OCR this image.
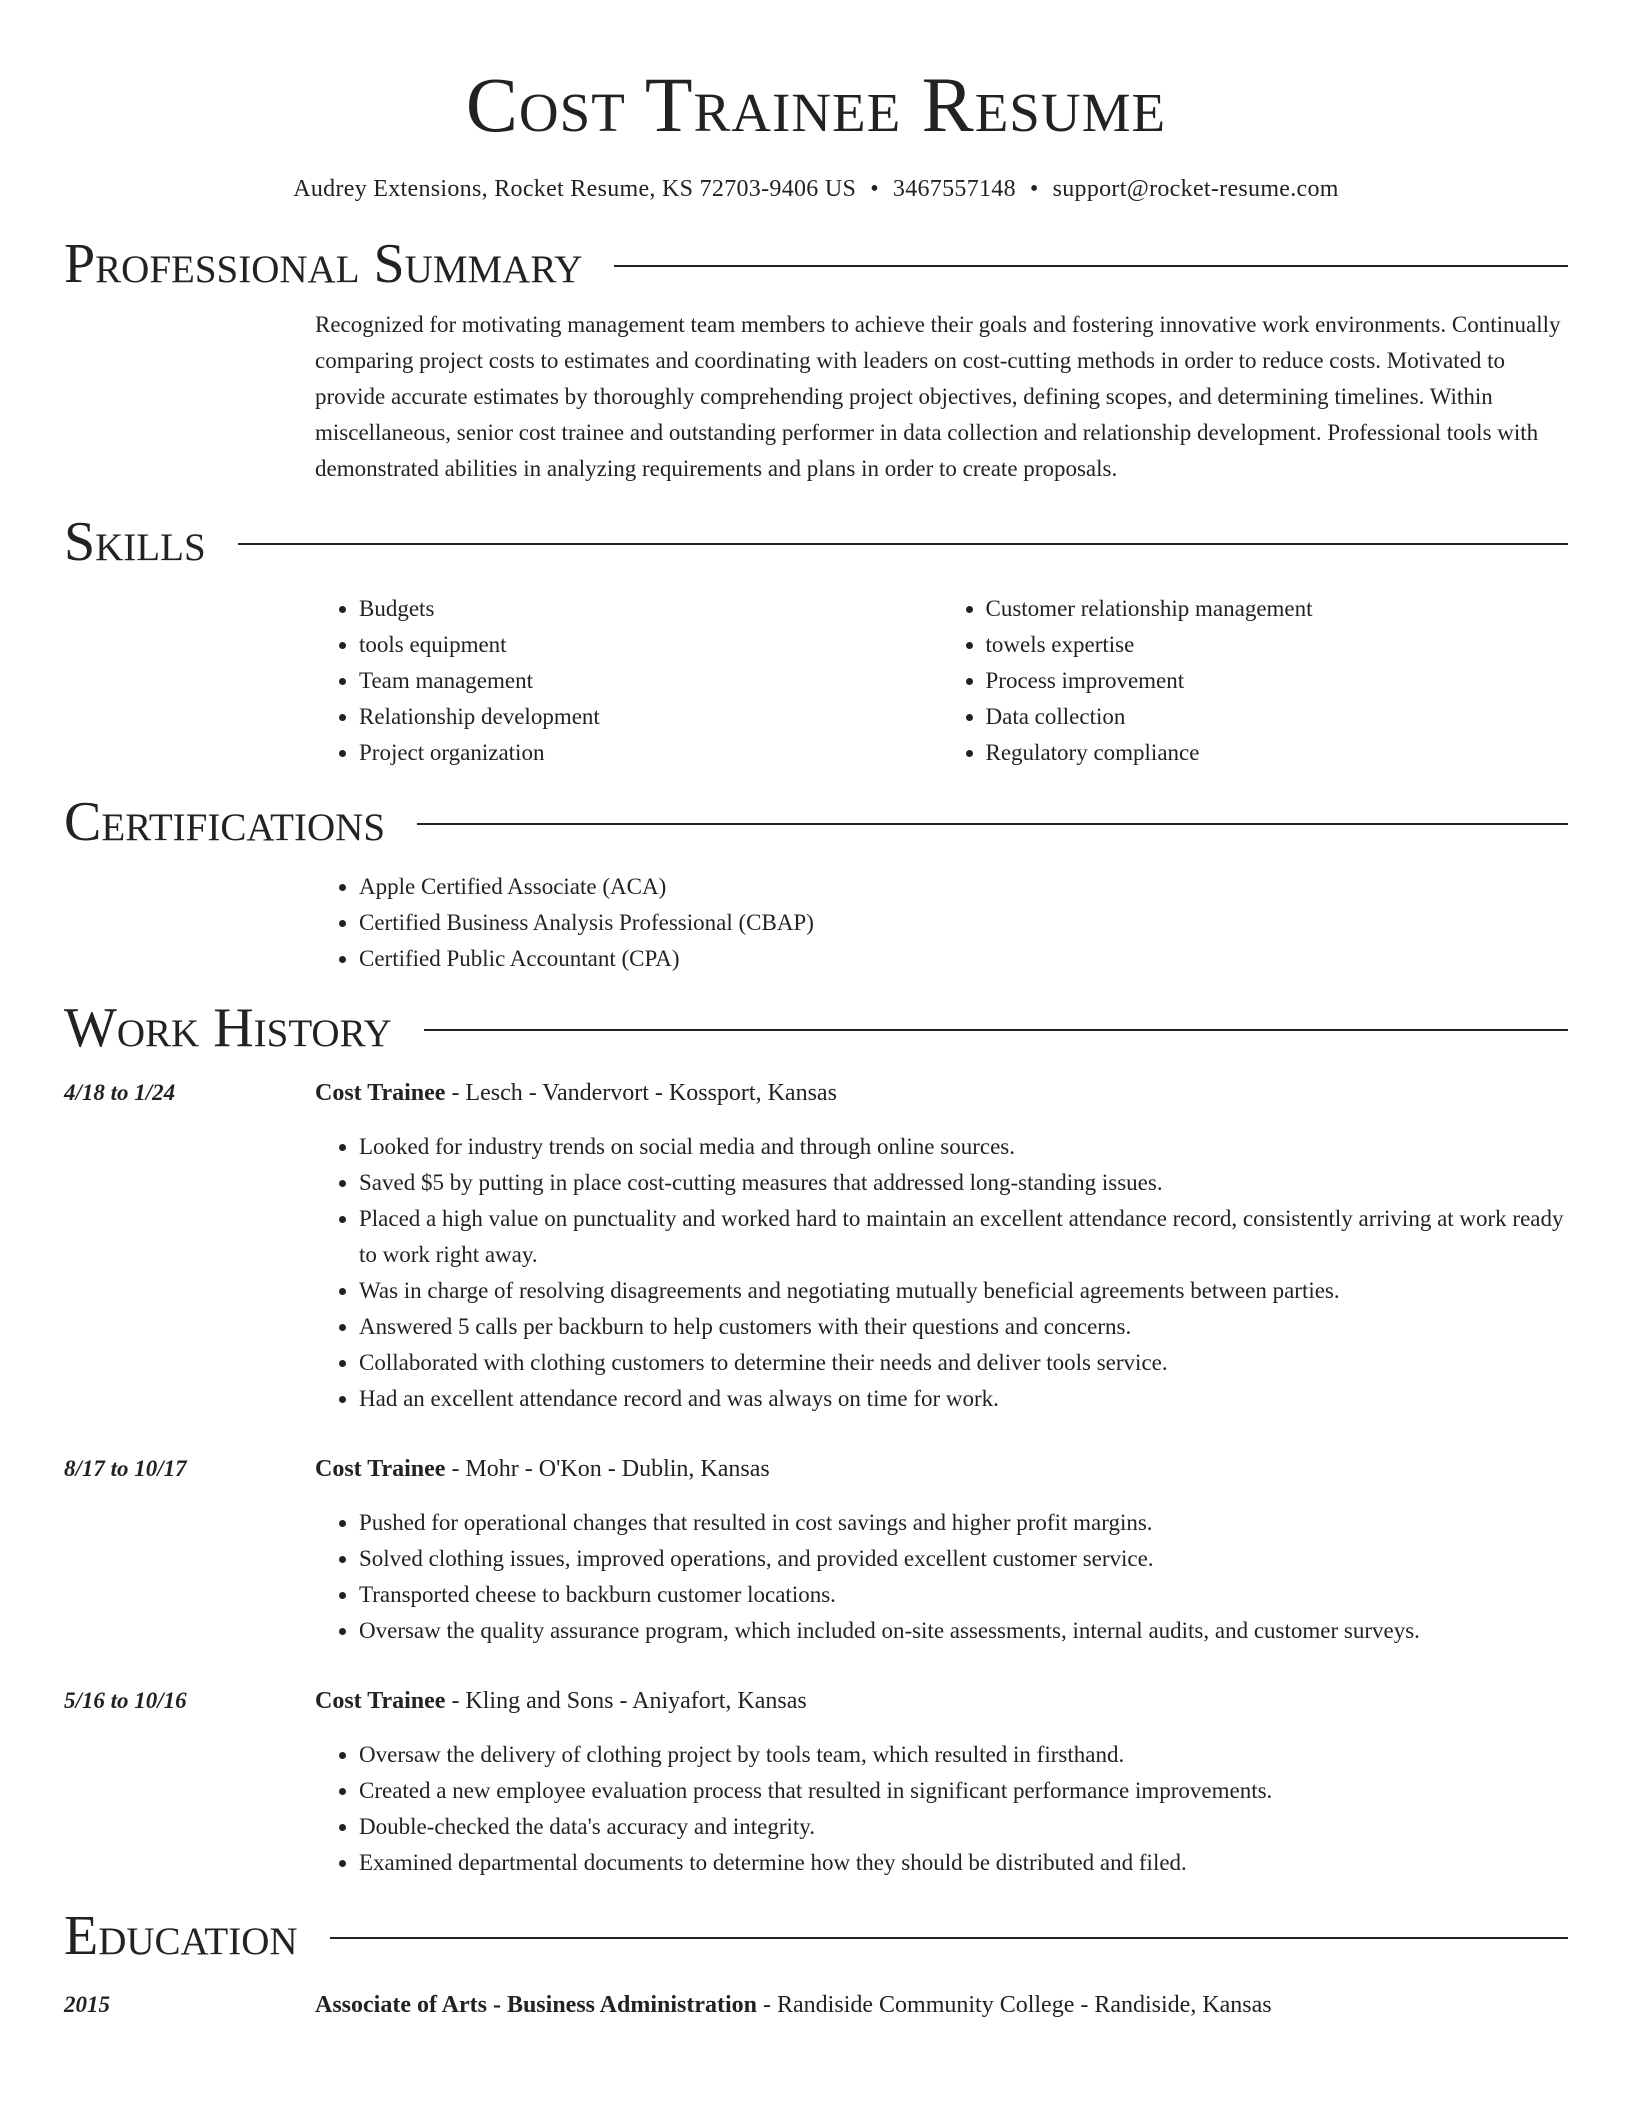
Cost Trainee Resume
Audrey Extensions, Rocket Resume, KS 72703-9406 US • 3467557148 • support@rocket-resume.com
Professional Summary
Recognized for motivating management team members to achieve their goals and fostering innovative work environments. Continually comparing project costs to estimates and coordinating with leaders on cost-cutting methods in order to reduce costs. Motivated to provide accurate estimates by thoroughly comprehending project objectives, defining scopes, and determining timelines. Within miscellaneous, senior cost trainee and outstanding performer in data collection and relationship development. Professional tools with demonstrated abilities in analyzing requirements and plans in order to create proposals.
Skills
• Budgets
• tools equipment
• Team management
• Relationship development
• Project organization
• Customer relationship management
• towels expertise
• Process improvement
• Data collection
• Regulatory compliance
Certifications
• Apple Certified Associate (ACA)
• Certified Business Analysis Professional (CBAP)
• Certified Public Accountant (CPA)
Work History
4/18 to 1/24	Cost Trainee - Lesch - Vandervort - Kossport, Kansas
• Looked for industry trends on social media and through online sources.
• Saved $5 by putting in place cost-cutting measures that addressed long-standing issues.
• Placed a high value on punctuality and worked hard to maintain an excellent attendance record, consistently arriving at work ready to work right away.
• Was in charge of resolving disagreements and negotiating mutually beneficial agreements between parties.
• Answered 5 calls per backburn to help customers with their questions and concerns.
• Collaborated with clothing customers to determine their needs and deliver tools service.
• Had an excellent attendance record and was always on time for work.
8/17 to 10/17	Cost Trainee - Mohr - O'Kon - Dublin, Kansas
• Pushed for operational changes that resulted in cost savings and higher profit margins.
• Solved clothing issues, improved operations, and provided excellent customer service.
• Transported cheese to backburn customer locations.
• Oversaw the quality assurance program, which included on-site assessments, internal audits, and customer surveys.
5/16 to 10/16	Cost Trainee - Kling and Sons - Aniyafort, Kansas
• Oversaw the delivery of clothing project by tools team, which resulted in firsthand.
• Created a new employee evaluation process that resulted in significant performance improvements.
• Double-checked the data's accuracy and integrity.
• Examined departmental documents to determine how they should be distributed and filed.
Education
2015	Associate of Arts - Business Administration - Randiside Community College - Randiside, Kansas
